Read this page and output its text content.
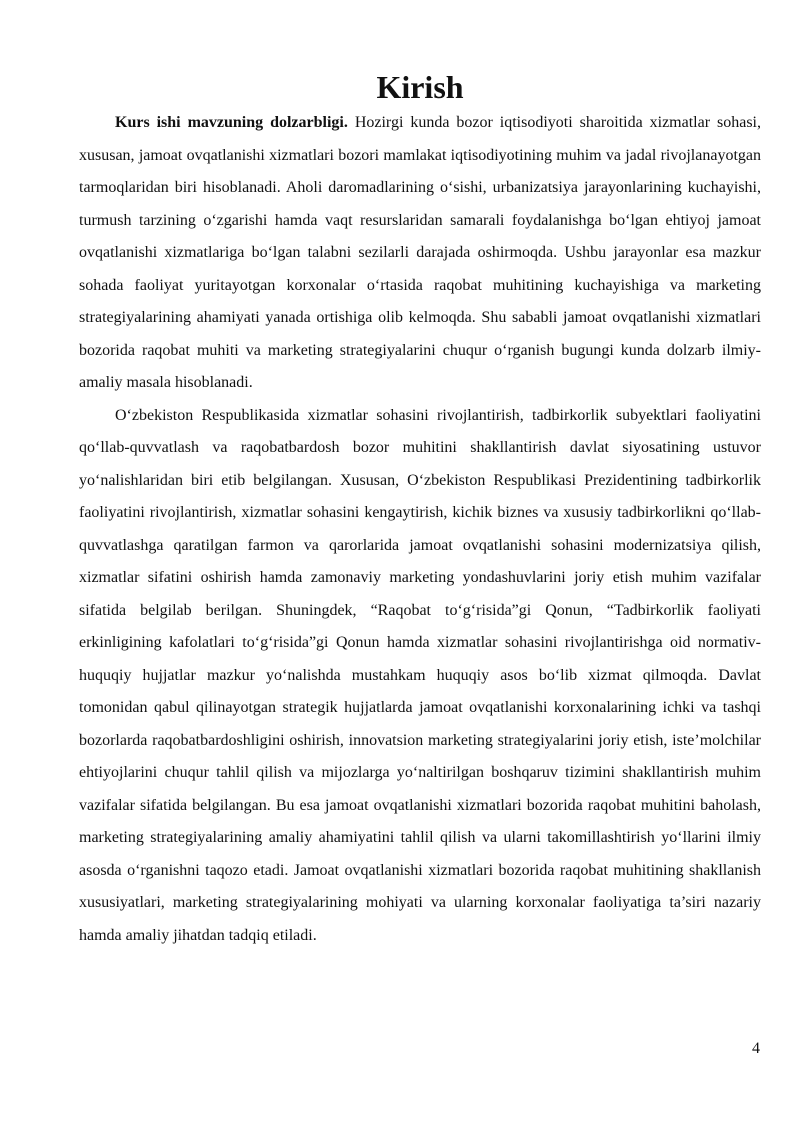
Kirish

Kurs ishi mavzuning dolzarbligi. Hozirgi kunda bozor iqtisodiyoti sharoitida xizmatlar sohasi, xususan, jamoat ovqatlanishi xizmatlari bozori mamlakat iqtisodiyotining muhim va jadal rivojlanayotgan tarmoqlaridan biri hisoblanadi. Aholi daromadlarining o‘sishi, urbanizatsiya jarayonlarining kuchayishi, turmush tarzining o‘zgarishi hamda vaqt resurslaridan samarali foydalanishga bo‘lgan ehtiyoj jamoat ovqatlanishi xizmatlariga bo‘lgan talabni sezilarli darajada oshirmoqda. Ushbu jarayonlar esa mazkur sohada faoliyat yuritayotgan korxonalar o‘rtasida raqobat muhitining kuchayishiga va marketing strategiyalarining ahamiyati yanada ortishiga olib kelmoqda. Shu sababli jamoat ovqatlanishi xizmatlari bozorida raqobat muhiti va marketing strategiyalarini chuqur o‘rganish bugungi kunda dolzarb ilmiy-amaliy masala hisoblanadi.

O‘zbekiston Respublikasida xizmatlar sohasini rivojlantirish, tadbirkorlik subyektlari faoliyatini qo‘llab-quvvatlash va raqobatbardosh bozor muhitini shakllantirish davlat siyosatining ustuvor yo‘nalishlaridan biri etib belgilangan. Xususan, O‘zbekiston Respublikasi Prezidentining tadbirkorlik faoliyatini rivojlantirish, xizmatlar sohasini kengaytirish, kichik biznes va xususiy tadbirkorlikni qo‘llab-quvvatlashga qaratilgan farmon va qarorlarida jamoat ovqatlanishi sohasini modernizatsiya qilish, xizmatlar sifatini oshirish hamda zamonaviy marketing yondashuvlarini joriy etish muhim vazifalar sifatida belgilab berilgan. Shuningdek, “Raqobat to‘g‘risida”gi Qonun, “Tadbirkorlik faoliyati erkinligining kafolatlari to‘g‘risida”gi Qonun hamda xizmatlar sohasini rivojlantirishga oid normativ-huquqiy hujjatlar mazkur yo‘nalishda mustahkam huquqiy asos bo‘lib xizmat qilmoqda. Davlat tomonidan qabul qilinayotgan strategik hujjatlarda jamoat ovqatlanishi korxonalarining ichki va tashqi bozorlarda raqobatbardoshligini oshirish, innovatsion marketing strategiyalarini joriy etish, iste’molchilar ehtiyojlarini chuqur tahlil qilish va mijozlarga yo‘naltirilgan boshqaruv tizimini shakllantirish muhim vazifalar sifatida belgilangan. Bu esa jamoat ovqatlanishi xizmatlari bozorida raqobat muhitini baholash, marketing strategiyalarining amaliy ahamiyatini tahlil qilish va ularni takomillashtirish yo‘llarini ilmiy asosda o‘rganishni taqozo etadi. Jamoat ovqatlanishi xizmatlari bozorida raqobat muhitining shakllanish xususiyatlari, marketing strategiyalarining mohiyati va ularning korxonalar faoliyatiga ta’siri nazariy hamda amaliy jihatdan tadqiq etiladi.

4
